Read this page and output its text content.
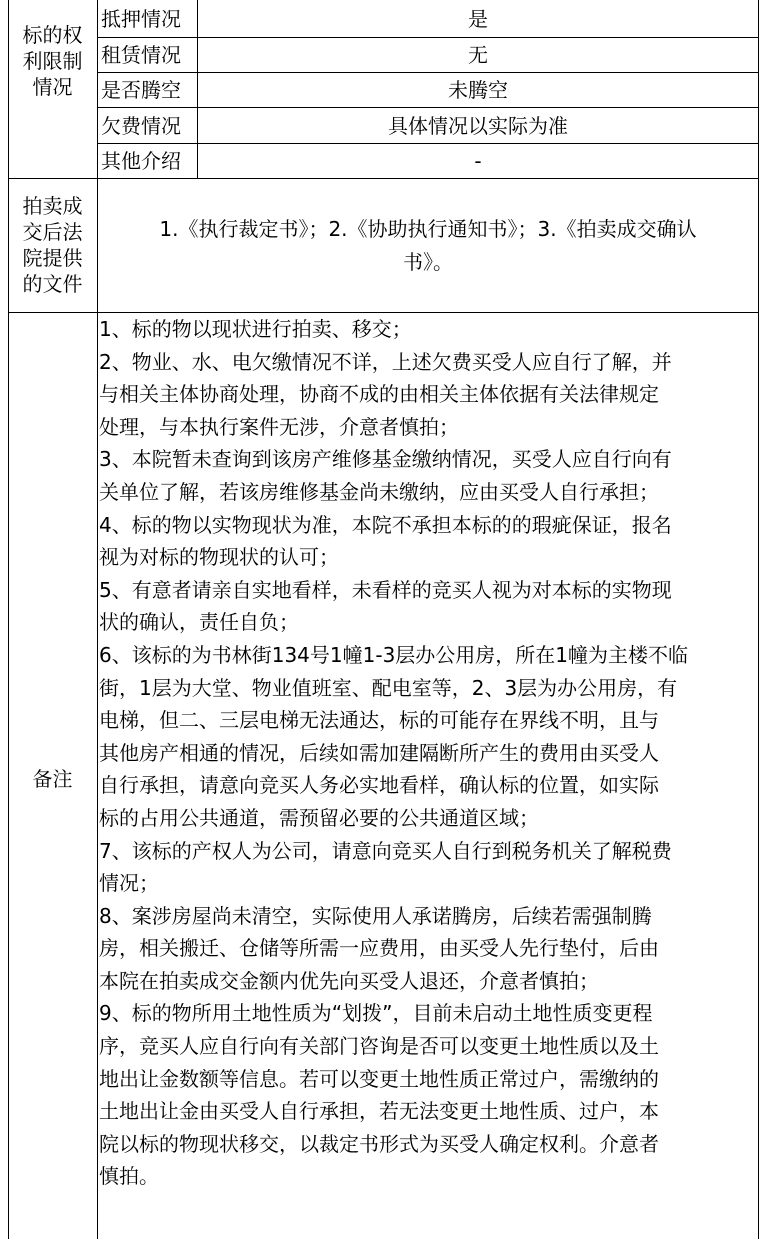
标的权
利限制
情况
抵押情况	是
租赁情况	无
是否腾空	未腾空
欠费情况	具体情况以实际为准
其他介绍	-
拍卖成
交后法
院提供
的文件
1.《执行裁定书》；2.《协助执行通知书》；3.《拍卖成交确认
书》。
备注
1、标的物以现状进行拍卖、移交；
2、物业、水、电欠缴情况不详，上述欠费买受人应自行了解，并
与相关主体协商处理，协商不成的由相关主体依据有关法律规定
处理，与本执行案件无涉，介意者慎拍；
3、本院暂未查询到该房产维修基金缴纳情况，买受人应自行向有
关单位了解，若该房维修基金尚未缴纳，应由买受人自行承担；
4、标的物以实物现状为准，本院不承担本标的的瑕疵保证，报名
视为对标的物现状的认可；
5、有意者请亲自实地看样，未看样的竞买人视为对本标的实物现
状的确认，责任自负；
6、该标的为书林街134号1幢1-3层办公用房，所在1幢为主楼不临
街，1层为大堂、物业值班室、配电室等，2、3层为办公用房，有
电梯，但二、三层电梯无法通达，标的可能存在界线不明，且与
其他房产相通的情况，后续如需加建隔断所产生的费用由买受人
自行承担，请意向竞买人务必实地看样，确认标的位置，如实际
标的占用公共通道，需预留必要的公共通道区域；
7、该标的产权人为公司，请意向竞买人自行到税务机关了解税费
情况；
8、案涉房屋尚未清空，实际使用人承诺腾房，后续若需强制腾
房，相关搬迁、仓储等所需一应费用，由买受人先行垫付，后由
本院在拍卖成交金额内优先向买受人退还，介意者慎拍；
9、标的物所用土地性质为“划拨”，目前未启动土地性质变更程
序，竞买人应自行向有关部门咨询是否可以变更土地性质以及土
地出让金数额等信息。若可以变更土地性质正常过户，需缴纳的
土地出让金由买受人自行承担，若无法变更土地性质、过户，本
院以标的物现状移交，以裁定书形式为买受人确定权利。介意者
慎拍。
